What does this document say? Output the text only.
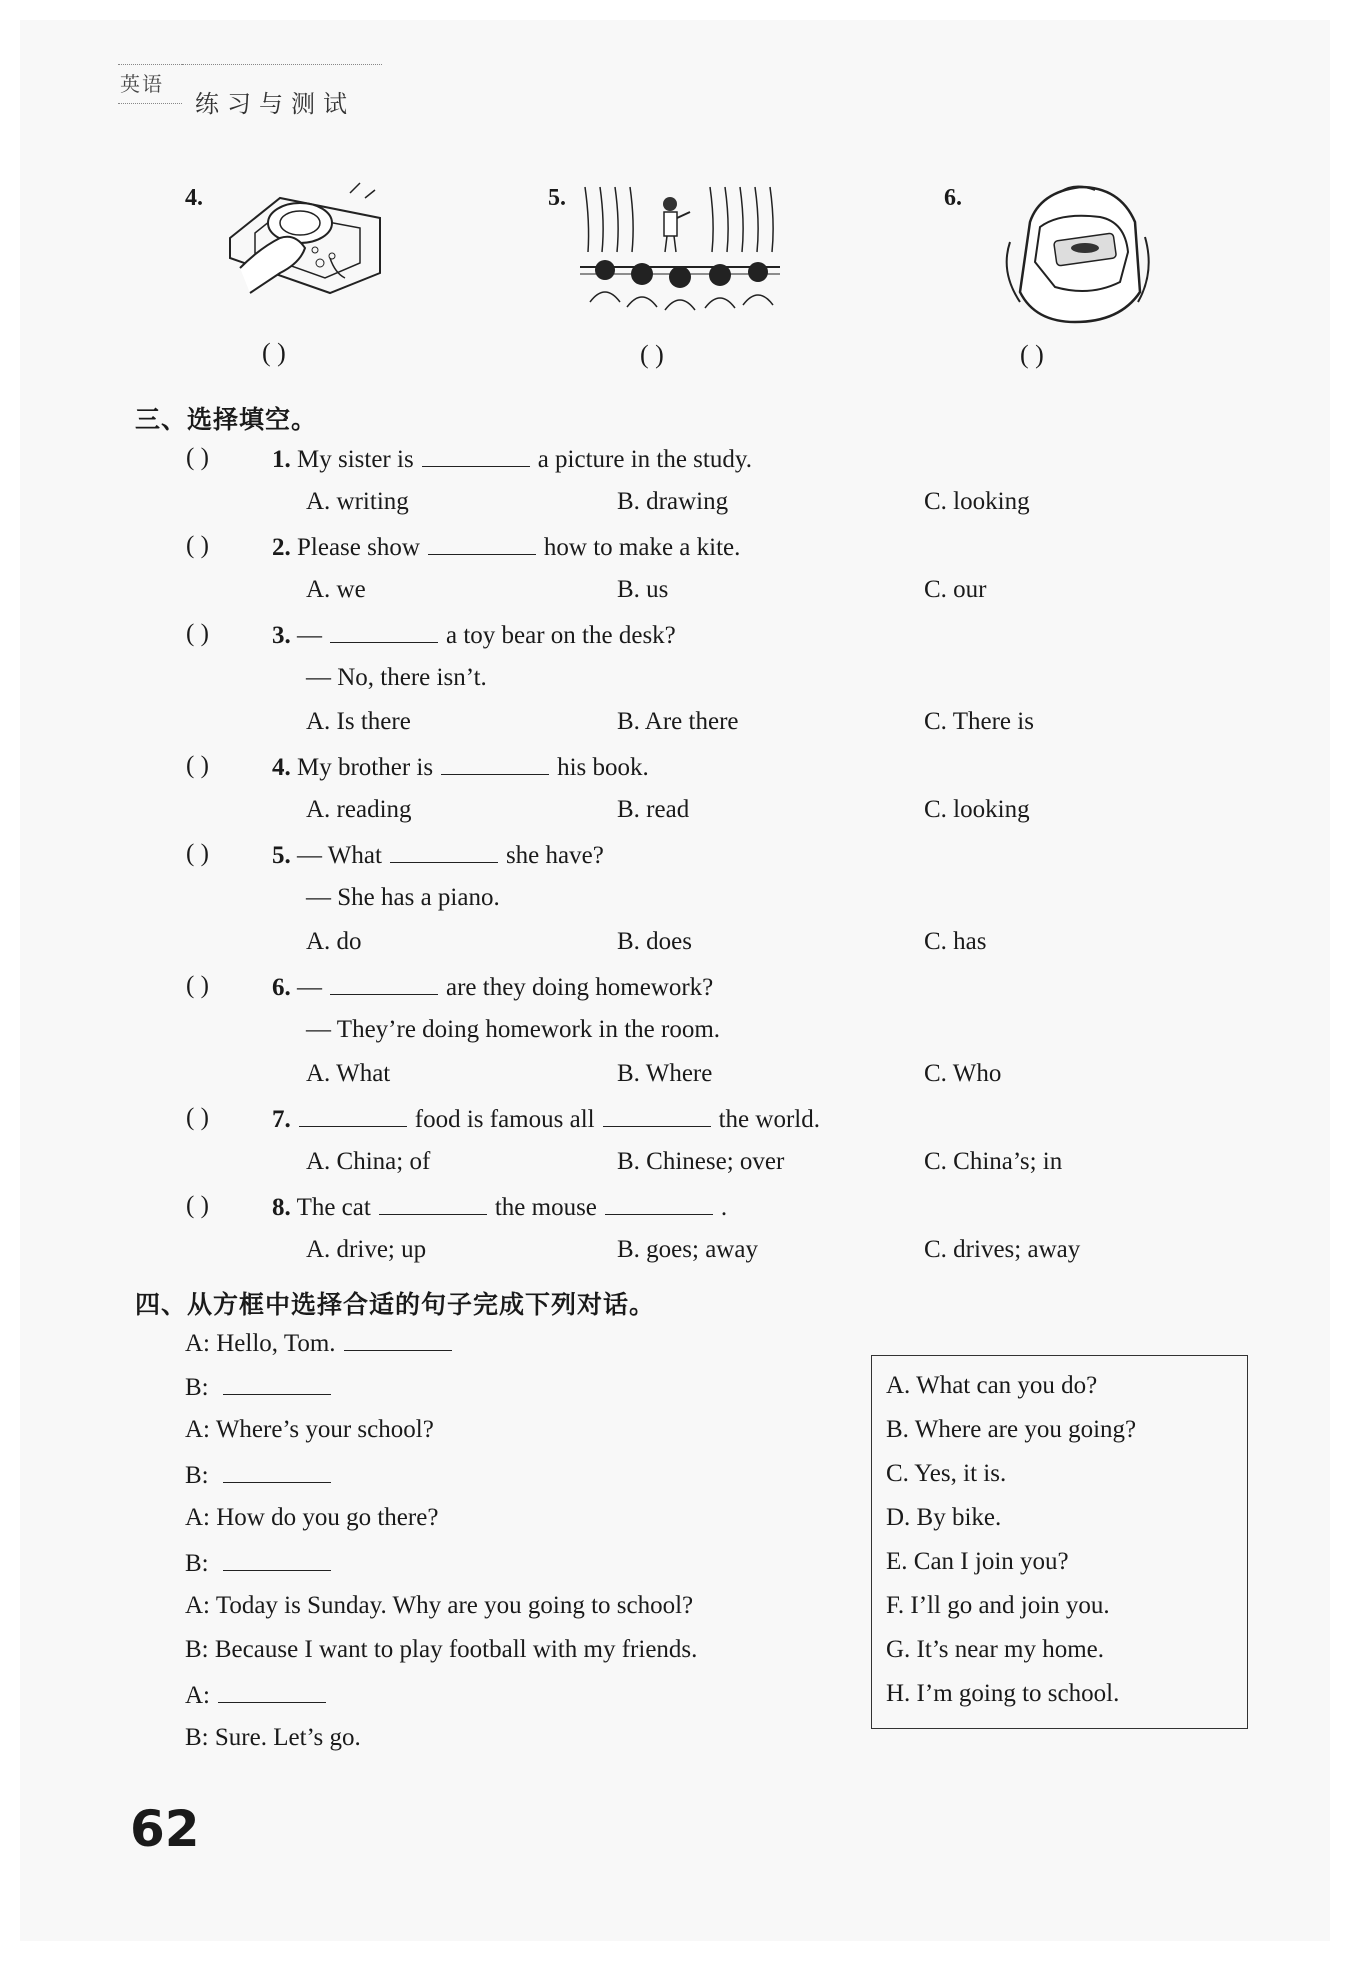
英语
练习与测试
4.
( )
5.
( )
6.
( )
三、选择填空。
( )	1. My sister is	a picture in the study.
A. writing	B. drawing	C. looking
( )	2. Please show	how to make a kite.
A. we	B. us	C. our
( )	3. —	a toy bear on the desk?
— No, there isn’t.
A. Is there	B. Are there	C. There is
( )	4. My brother is	his book.
A. reading	B. read	C. looking
( )	5. — What	she have?
— She has a piano.
A. do	B. does	C. has
( )	6. —	are they doing homework?
— They’re doing homework in the room.
A. What	B. Where	C. Who
( )	7.	food is famous all	the world.
A. China; of	B. Chinese; over	C. China’s; in
( )	8. The cat	the mouse	.
A. drive; up	B. goes; away	C. drives; away
四、从方框中选择合适的句子完成下列对话。
A: Hello, Tom.
B:
A: Where’s your school?
B:
A: How do you go there?
B:
A: Today is Sunday. Why are you going to school?
B: Because I want to play football with my friends.
A:
B: Sure. Let’s go.
A. What can you do?
B. Where are you going?
C. Yes, it is.
D. By bike.
E. Can I join you?
F. I’ll go and join you.
G. It’s near my home.
H. I’m going to school.
62
